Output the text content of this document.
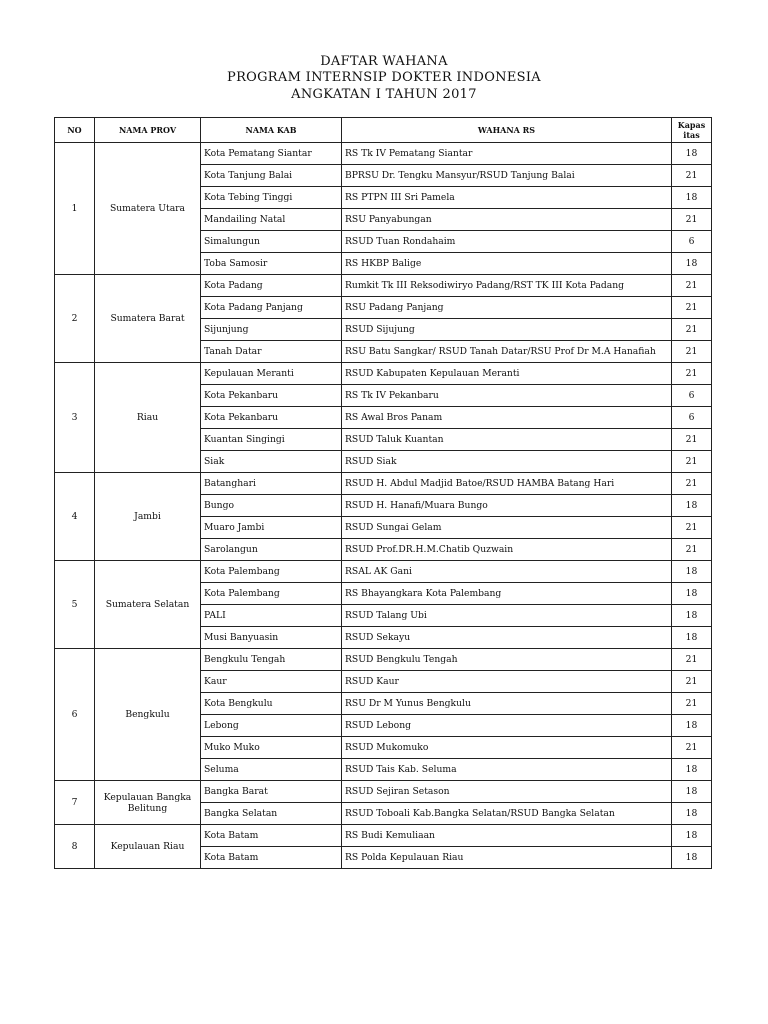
DAFTAR WAHANA
PROGRAM INTERNSIP DOKTER INDONESIA
ANGKATAN I TAHUN 2017
NO	NAMA PROV	NAMA KAB	WAHANA RS	Kapas itas
1	Sumatera Utara	Kota Pematang Siantar	RS Tk IV Pematang Siantar	18
		Kota Tanjung Balai	BPRSU Dr. Tengku Mansyur/RSUD Tanjung Balai	21
		Kota Tebing Tinggi	RS PTPN III Sri Pamela	18
		Mandailing Natal	RSU Panyabungan	21
		Simalungun	RSUD Tuan Rondahaim	6
		Toba Samosir	RS HKBP Balige	18
2	Sumatera Barat	Kota Padang	Rumkit Tk III Reksodiwiryo Padang/RST TK III Kota Padang	21
		Kota Padang Panjang	RSU Padang Panjang	21
		Sijunjung	RSUD Sijujung	21
		Tanah Datar	RSU Batu Sangkar/ RSUD Tanah Datar/RSU Prof Dr M.A Hanafiah	21
3	Riau	Kepulauan Meranti	RSUD Kabupaten Kepulauan Meranti	21
		Kota Pekanbaru	RS Tk IV Pekanbaru	6
		Kota Pekanbaru	RS Awal Bros Panam	6
		Kuantan Singingi	RSUD Taluk Kuantan	21
		Siak	RSUD Siak	21
4	Jambi	Batanghari	RSUD H. Abdul Madjid Batoe/RSUD HAMBA Batang Hari	21
		Bungo	RSUD H. Hanafi/Muara Bungo	18
		Muaro Jambi	RSUD Sungai Gelam	21
		Sarolangun	RSUD Prof.DR.H.M.Chatib Quzwain	21
5	Sumatera Selatan	Kota Palembang	RSAL AK Gani	18
		Kota Palembang	RS Bhayangkara Kota Palembang	18
		PALI	RSUD Talang Ubi	18
		Musi Banyuasin	RSUD Sekayu	18
6	Bengkulu	Bengkulu Tengah	RSUD Bengkulu Tengah	21
		Kaur	RSUD Kaur	21
		Kota Bengkulu	RSU Dr M Yunus Bengkulu	21
		Lebong	RSUD Lebong	18
		Muko Muko	RSUD Mukomuko	21
		Seluma	RSUD Tais Kab. Seluma	18
7	Kepulauan Bangka Belitung	Bangka Barat	RSUD Sejiran Setason	18
		Bangka Selatan	RSUD Toboali Kab.Bangka Selatan/RSUD Bangka Selatan	18
8	Kepulauan Riau	Kota Batam	RS Budi Kemuliaan	18
		Kota Batam	RS Polda Kepulauan Riau	18
